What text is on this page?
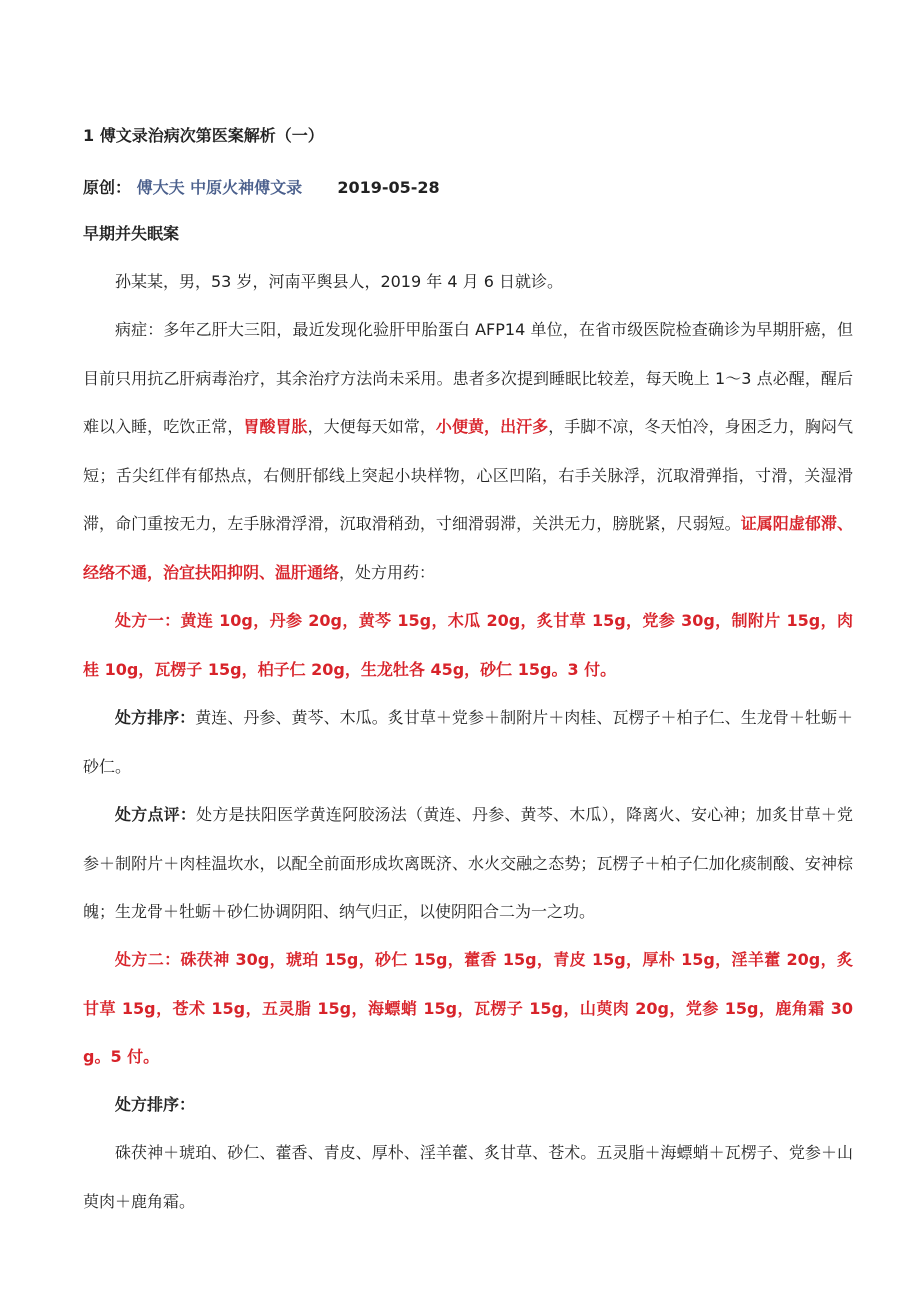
1 傅文录治病次第医案解析（一）
原创： 傅大夫 中原火神傅文录 2019-05-28
早期并失眠案
孙某某，男，53 岁，河南平舆县人，2019 年 4 月 6 日就诊。
病症：多年乙肝大三阳，最近发现化验肝甲胎蛋白 AFP14 单位，在省市级医院检查确诊为早期肝癌，但目前只用抗乙肝病毒治疗，其余治疗方法尚未采用。患者多次提到睡眠比较差，每天晚上 1～3 点必醒，醒后难以入睡，吃饮正常，胃酸胃胀，大便每天如常，小便黄，出汗多，手脚不凉，冬天怕冷，身困乏力，胸闷气短；舌尖红伴有郁热点，右侧肝郁线上突起小块样物，心区凹陷，右手关脉浮，沉取滑弹指，寸滑，关湿滑滞，命门重按无力，左手脉滑浮滑，沉取滑稍劲，寸细滑弱滞，关洪无力，膀胱紧，尺弱短。证属阳虚郁滞、经络不通，治宜扶阳抑阴、温肝通络，处方用药：
处方一：黄连 10g，丹参 20g，黄芩 15g，木瓜 20g，炙甘草 15g，党参 30g，制附片 15g，肉桂 10g，瓦楞子 15g，柏子仁 20g，生龙牡各 45g，砂仁 15g。3 付。
处方排序：黄连、丹参、黄芩、木瓜。炙甘草＋党参＋制附片＋肉桂、瓦楞子＋柏子仁、生龙骨＋牡蛎＋砂仁。
处方点评：处方是扶阳医学黄连阿胶汤法（黄连、丹参、黄芩、木瓜），降离火、安心神；加炙甘草＋党参＋制附片＋肉桂温坎水，以配全前面形成坎离既济、水火交融之态势；瓦楞子＋柏子仁加化痰制酸、安神棕魄；生龙骨＋牡蛎＋砂仁协调阴阳、纳气归正，以使阴阳合二为一之功。
处方二：硃茯神 30g，琥珀 15g，砂仁 15g，藿香 15g，青皮 15g，厚朴 15g，淫羊藿 20g，炙甘草 15g，苍术 15g，五灵脂 15g，海螵蛸 15g，瓦楞子 15g，山萸肉 20g，党参 15g，鹿角霜 30g。5 付。
处方排序：
硃茯神＋琥珀、砂仁、藿香、青皮、厚朴、淫羊藿、炙甘草、苍术。五灵脂＋海螵蛸＋瓦楞子、党参＋山萸肉＋鹿角霜。
